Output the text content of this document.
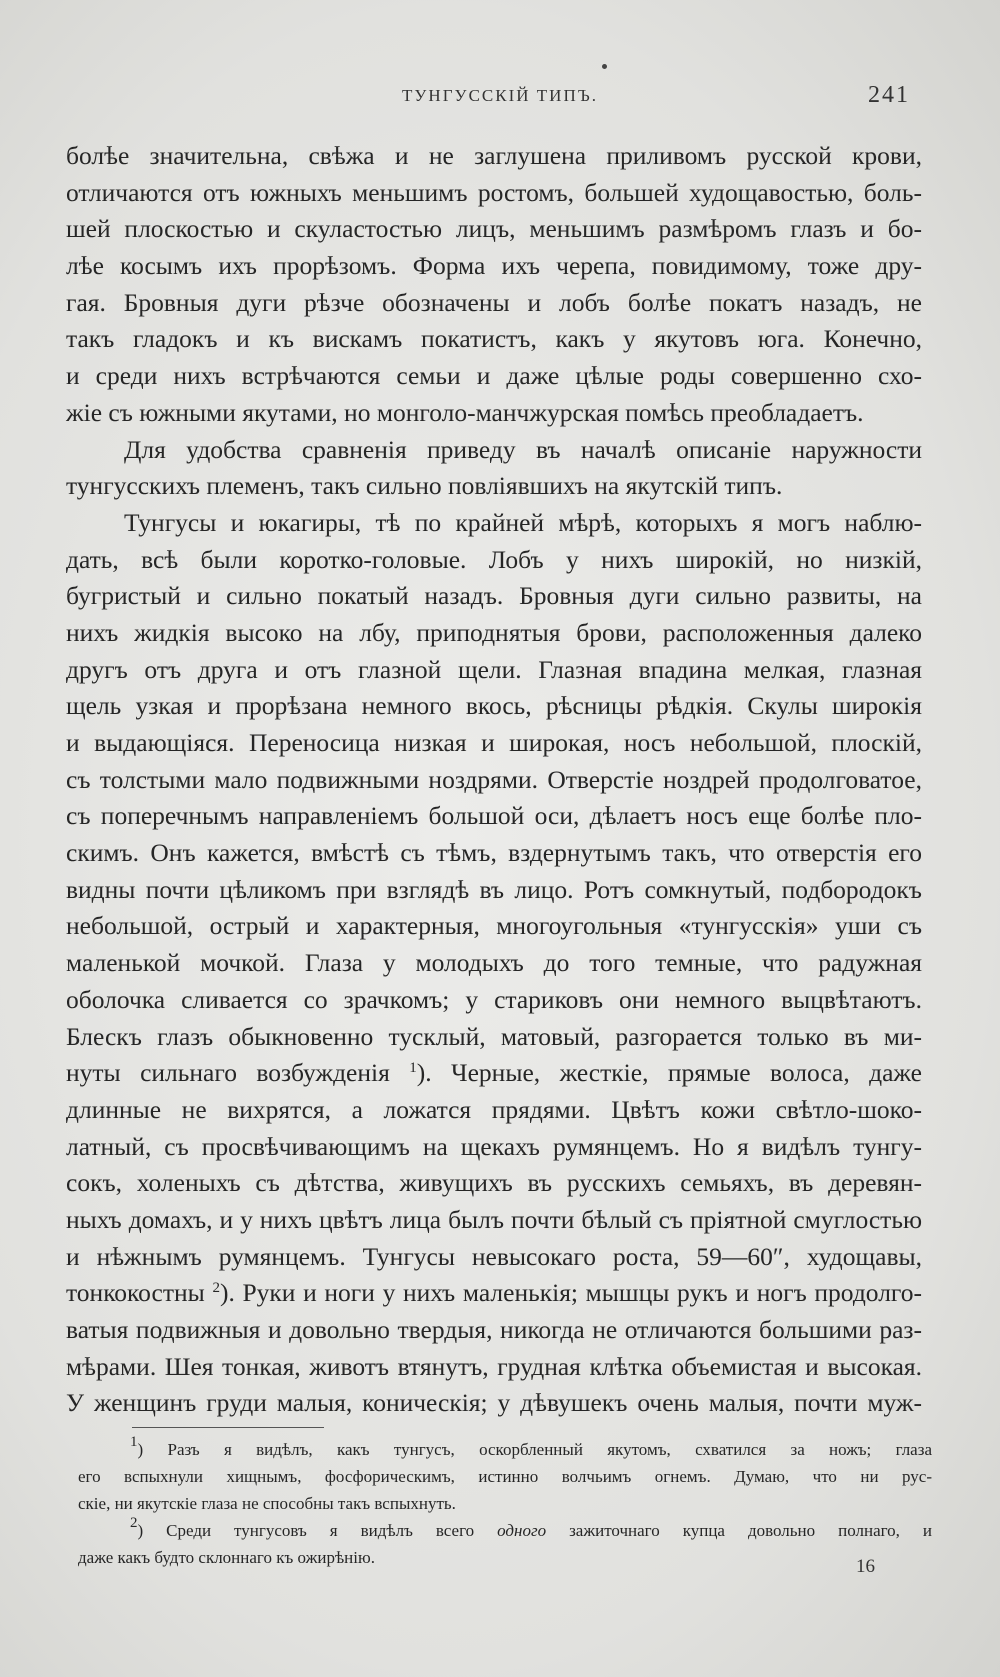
ТУНГУССКІЙ ТИПЪ.	241
болѣе значительна, свѣжа и не заглушена приливомъ русской крови,
отличаются отъ южныхъ меньшимъ ростомъ, большей худощавостью, боль-
шей плоскостью и скуластостью лицъ, меньшимъ размѣромъ глазъ и бо-
лѣе косымъ ихъ прорѣзомъ. Форма ихъ черепа, повидимому, тоже дру-
гая. Бровныя дуги рѣзче обозначены и лобъ болѣе покатъ назадъ, не
такъ гладокъ и къ вискамъ покатистъ, какъ у якутовъ юга. Конечно,
и среди нихъ встрѣчаются семьи и даже цѣлые роды совершенно схо-
жіе съ южными якутами, но монголо-манчжурская помѣсь преобладаетъ.
Для удобства сравненія приведу въ началѣ описаніе наружности
тунгусскихъ племенъ, такъ сильно повліявшихъ на якутскій типъ.
Тунгусы и юкагиры, тѣ по крайней мѣрѣ, которыхъ я могъ наблю-
дать, всѣ были коротко-головые. Лобъ у нихъ широкій, но низкій,
бугристый и сильно покатый назадъ. Бровныя дуги сильно развиты, на
нихъ жидкія высоко на лбу, приподнятыя брови, расположенныя далеко
другъ отъ друга и отъ глазной щели. Глазная впадина мелкая, глазная
щель узкая и прорѣзана немного вкось, рѣсницы рѣдкія. Скулы широкія
и выдающіяся. Переносица низкая и широкая, носъ небольшой, плоскій,
съ толстыми мало подвижными ноздрями. Отверстіе ноздрей продолговатое,
съ поперечнымъ направленіемъ большой оси, дѣлаетъ носъ еще болѣе пло-
скимъ. Онъ кажется, вмѣстѣ съ тѣмъ, вздернутымъ такъ, что отверстія его
видны почти цѣликомъ при взглядѣ въ лицо. Ротъ сомкнутый, подбородокъ
небольшой, острый и характерныя, многоугольныя «тунгусскія» уши съ
маленькой мочкой. Глаза у молодыхъ до того темные, что радужная
оболочка сливается со зрачкомъ; у стариковъ они немного выцвѣтаютъ.
Блескъ глазъ обыкновенно тусклый, матовый, разгорается только въ ми-
нуты сильнаго возбужденія $^1$). Черные, жесткіе, прямые волоса, даже
длинные не вихрятся, а ложатся прядями. Цвѣтъ кожи свѣтло-шоко-
латный, съ просвѣчивающимъ на щекахъ румянцемъ. Но я видѣлъ тунгу-
сокъ, холеныхъ съ дѣтства, живущихъ въ русскихъ семьяхъ, въ деревян-
ныхъ домахъ, и у нихъ цвѣтъ лица былъ почти бѣлый съ пріятной смуглостью
и нѣжнымъ румянцемъ. Тунгусы невысокаго роста, 59—60″, худощавы,
тонкокостны $^2$). Руки и ноги у нихъ маленькія; мышцы рукъ и ногъ продолго-
ватыя подвижныя и довольно твердыя, никогда не отличаются большими раз-
мѣрами. Шея тонкая, животъ втянутъ, грудная клѣтка объемистая и высокая.
У женщинъ груди малыя, коническія; у дѣвушекъ очень малыя, почти муж-
$^1$) Разъ я видѣлъ, какъ тунгусъ, оскорбленный якутомъ, схватился за ножъ; глаза
его вспыхнули хищнымъ, фосфорическимъ, истинно волчьимъ огнемъ. Думаю, что ни рус-
скіе, ни якутскіе глаза не способны такъ вспыхнуть.
$^2$) Среди тунгусовъ я видѣлъ всего одного зажиточнаго купца довольно полнаго, и
даже какъ будто склоннаго къ ожирѣнію.	16
